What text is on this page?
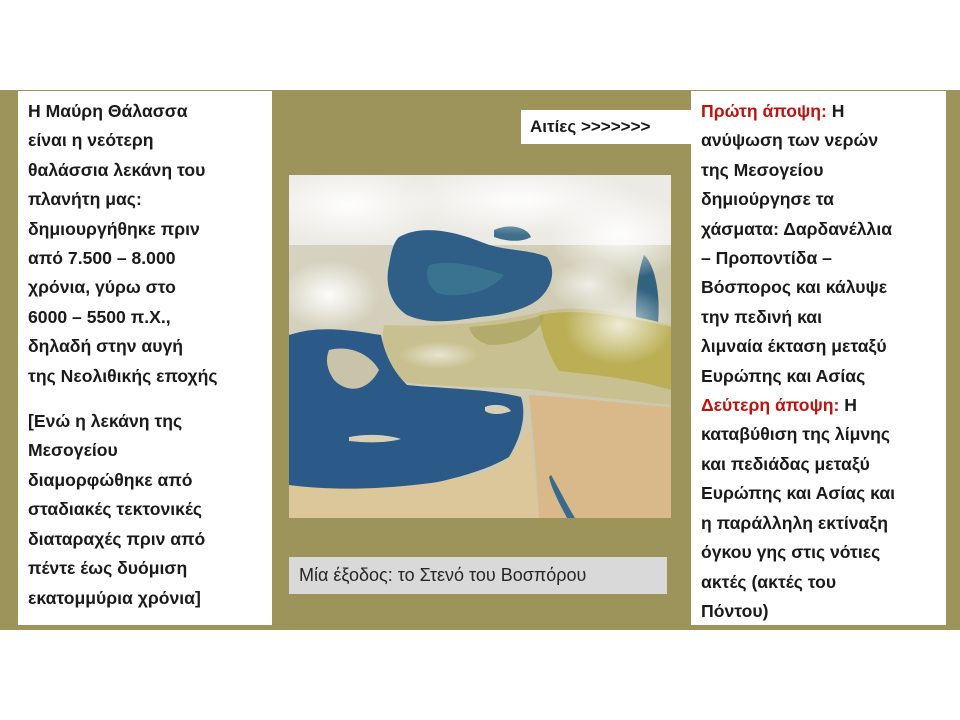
Η Μαύρη Θάλασσα

είναι η νεότερη

θαλάσσια λεκάνη του

πλανήτη μας:

δημιουργήθηκε πριν

από 7.500 – 8.000

χρόνια, γύρω στο

6000 – 5500 π.Χ.,

δηλαδή στην αυγή

της Νεολιθικής εποχής

[Ενώ η λεκάνη της

Μεσογείου

διαμορφώθηκε από

σταδιακές τεκτονικές

διαταραχές πριν από

πέντε έως δυόμιση

εκατομμύρια χρόνια]

Αιτίες >>>>>>>
Μία έξοδος: το Στενό του Βοσπόρου

Πρώτη άποψη: Η

ανύψωση των νερών

της Μεσογείου

δημιούργησε τα

χάσματα: Δαρδανέλλια

– Προποντίδα –

Βόσπορος και κάλυψε

την πεδινή και

λιμναία έκταση μεταξύ

Ευρώπης και Ασίας

Δεύτερη άποψη: Η

καταβύθιση της λίμνης

και πεδιάδας μεταξύ

Ευρώπης και Ασίας και

η παράλληλη εκτίναξη

όγκου γης στις νότιες

ακτές (ακτές του

Πόντου)
